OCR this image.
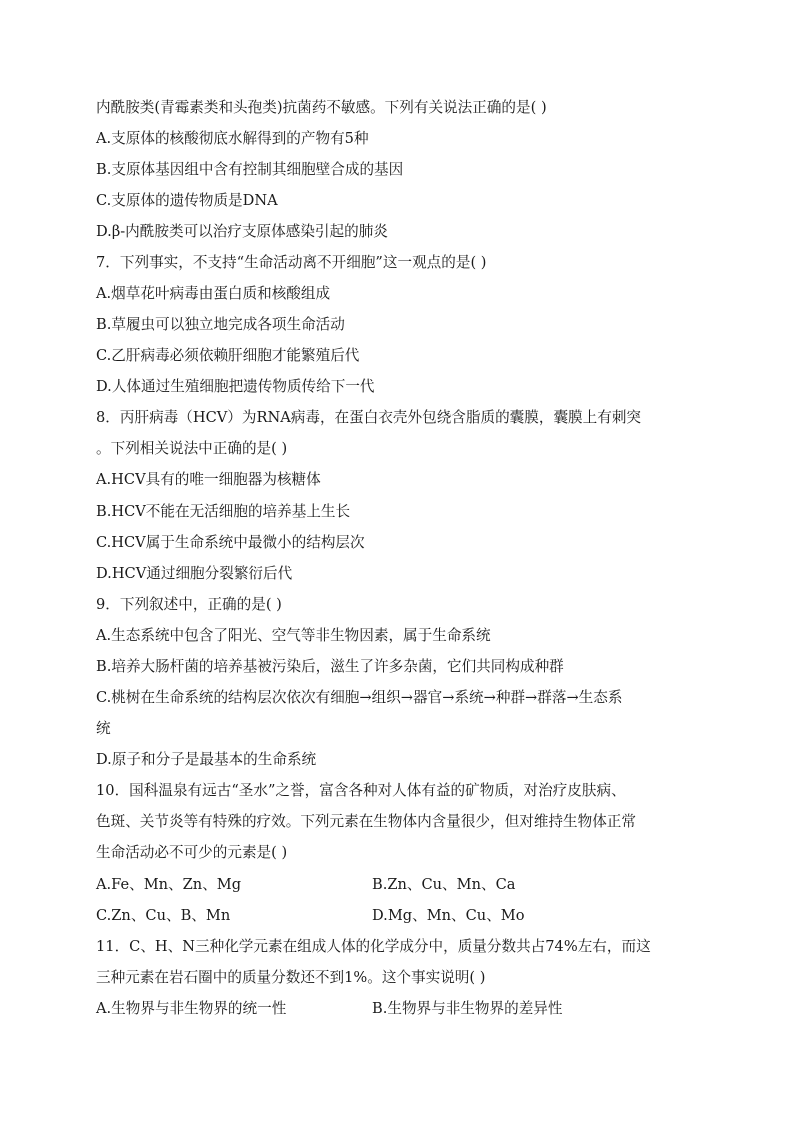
内酰胺类(青霉素类和头孢类)抗菌药不敏感。下列有关说法正确的是( )
A.支原体的核酸彻底水解得到的产物有5种
B.支原体基因组中含有控制其细胞壁合成的基因
C.支原体的遗传物质是DNA
D.β-内酰胺类可以治疗支原体感染引起的肺炎
7．下列事实，不支持“生命活动离不开细胞”这一观点的是( )
A.烟草花叶病毒由蛋白质和核酸组成
B.草履虫可以独立地完成各项生命活动
C.乙肝病毒必须依赖肝细胞才能繁殖后代
D.人体通过生殖细胞把遗传物质传给下一代
8．丙肝病毒（HCV）为RNA病毒，在蛋白衣壳外包绕含脂质的囊膜，囊膜上有刺突
。下列相关说法中正确的是( )
A.HCV具有的唯一细胞器为核糖体
B.HCV不能在无活细胞的培养基上生长
C.HCV属于生命系统中最微小的结构层次
D.HCV通过细胞分裂繁衍后代
9．下列叙述中，正确的是( )
A.生态系统中包含了阳光、空气等非生物因素，属于生命系统
B.培养大肠杆菌的培养基被污染后，滋生了许多杂菌，它们共同构成种群
C.桃树在生命系统的结构层次依次有细胞→组织→器官→系统→种群→群落→生态系
统
D.原子和分子是最基本的生命系统
10．国科温泉有远古“圣水”之誉，富含各种对人体有益的矿物质，对治疗皮肤病、
色斑、关节炎等有特殊的疗效。下列元素在生物体内含量很少，但对维持生物体正常
生命活动必不可少的元素是( )
A.Fe、Mn、Zn、Mg	B.Zn、Cu、Mn、Ca
C.Zn、Cu、B、Mn	D.Mg、Mn、Cu、Mo
11．C、H、N三种化学元素在组成人体的化学成分中，质量分数共占74%左右，而这
三种元素在岩石圈中的质量分数还不到1%。这个事实说明( )
A.生物界与非生物界的统一性	B.生物界与非生物界的差异性
